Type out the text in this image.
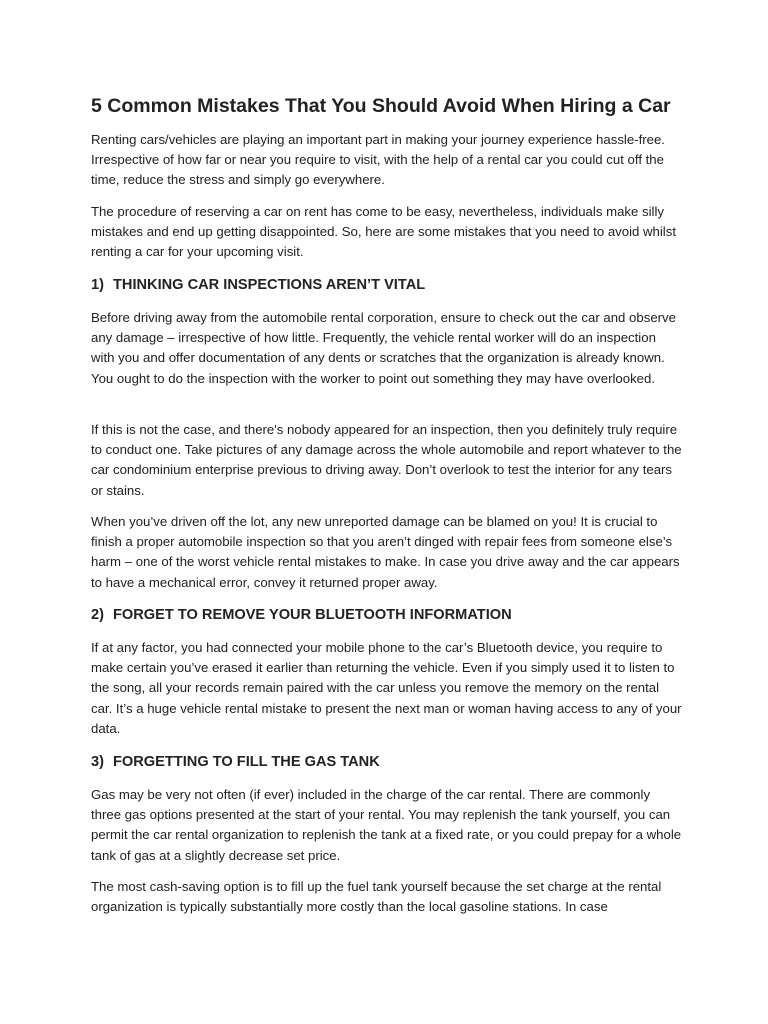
5 Common Mistakes That You Should Avoid When Hiring a Car

Renting cars/vehicles are playing an important part in making your journey experience hassle-free. Irrespective of how far or near you require to visit, with the help of a rental car you could cut off the time, reduce the stress and simply go everywhere.

The procedure of reserving a car on rent has come to be easy, nevertheless, individuals make silly mistakes and end up getting disappointed. So, here are some mistakes that you need to avoid whilst renting a car for your upcoming visit.

1) THINKING CAR INSPECTIONS AREN’T VITAL

Before driving away from the automobile rental corporation, ensure to check out the car and observe any damage – irrespective of how little. Frequently, the vehicle rental worker will do an inspection with you and offer documentation of any dents or scratches that the organization is already known. You ought to do the inspection with the worker to point out something they may have overlooked.

If this is not the case, and there's nobody appeared for an inspection, then you definitely truly require to conduct one. Take pictures of any damage across the whole automobile and report whatever to the car condominium enterprise previous to driving away. Don’t overlook to test the interior for any tears or stains.

When you’ve driven off the lot, any new unreported damage can be blamed on you! It is crucial to finish a proper automobile inspection so that you aren’t dinged with repair fees from someone else’s harm – one of the worst vehicle rental mistakes to make. In case you drive away and the car appears to have a mechanical error, convey it returned proper away.

2) FORGET TO REMOVE YOUR BLUETOOTH INFORMATION

If at any factor, you had connected your mobile phone to the car’s Bluetooth device, you require to make certain you’ve erased it earlier than returning the vehicle. Even if you simply used it to listen to the song, all your records remain paired with the car unless you remove the memory on the rental car. It’s a huge vehicle rental mistake to present the next man or woman having access to any of your data.

3) FORGETTING TO FILL THE GAS TANK

Gas may be very not often (if ever) included in the charge of the car rental. There are commonly three gas options presented at the start of your rental. You may replenish the tank yourself, you can permit the car rental organization to replenish the tank at a fixed rate, or you could prepay for a whole tank of gas at a slightly decrease set price.

The most cash-saving option is to fill up the fuel tank yourself because the set charge at the rental organization is typically substantially more costly than the local gasoline stations. In case
